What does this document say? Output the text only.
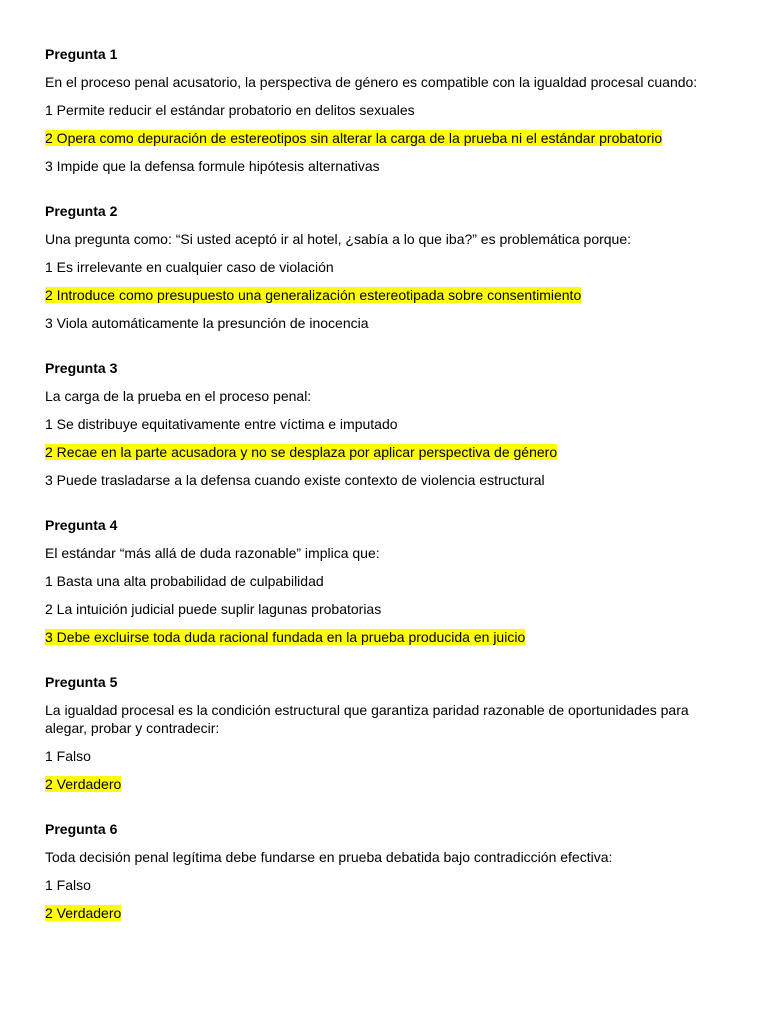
Pregunta 1
En el proceso penal acusatorio, la perspectiva de género es compatible con la igualdad procesal cuando:
1 Permite reducir el estándar probatorio en delitos sexuales
2 Opera como depuración de estereotipos sin alterar la carga de la prueba ni el estándar probatorio
3 Impide que la defensa formule hipótesis alternativas
Pregunta 2
Una pregunta como: “Si usted aceptó ir al hotel, ¿sabía a lo que iba?” es problemática porque:
1 Es irrelevante en cualquier caso de violación
2 Introduce como presupuesto una generalización estereotipada sobre consentimiento
3 Viola automáticamente la presunción de inocencia
Pregunta 3
La carga de la prueba en el proceso penal:
1 Se distribuye equitativamente entre víctima e imputado
2 Recae en la parte acusadora y no se desplaza por aplicar perspectiva de género
3 Puede trasladarse a la defensa cuando existe contexto de violencia estructural
Pregunta 4
El estándar “más allá de duda razonable” implica que:
1 Basta una alta probabilidad de culpabilidad
2 La intuición judicial puede suplir lagunas probatorias
3 Debe excluirse toda duda racional fundada en la prueba producida en juicio
Pregunta 5
La igualdad procesal es la condición estructural que garantiza paridad razonable de oportunidades para alegar, probar y contradecir:
1 Falso
2 Verdadero
Pregunta 6
Toda decisión penal legítima debe fundarse en prueba debatida bajo contradicción efectiva:
1 Falso
2 Verdadero
